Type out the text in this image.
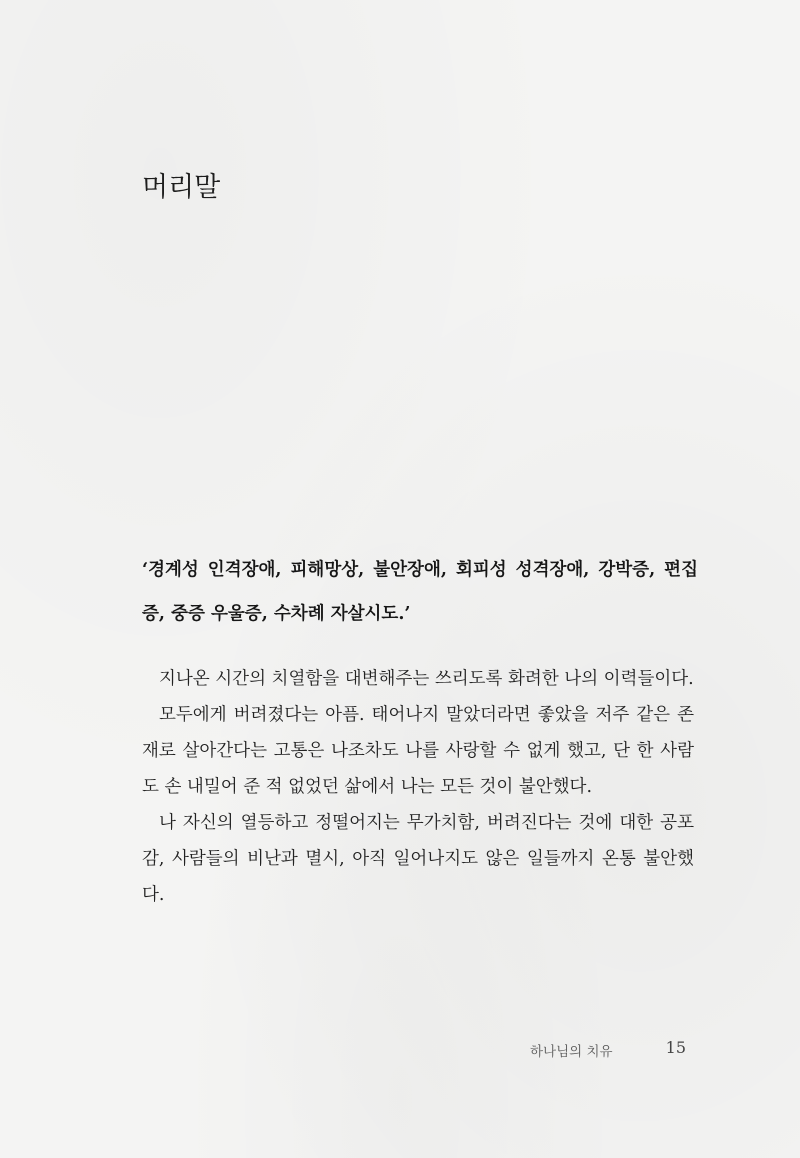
머리말

‘경계성 인격장애, 피해망상, 불안장애, 회피성 성격장애, 강박증, 편집증, 중증 우울증, 수차례 자살시도.’

지나온 시간의 치열함을 대변해주는 쓰리도록 화려한 나의 이력들이다.

모두에게 버려졌다는 아픔. 태어나지 말았더라면 좋았을 저주 같은 존재로 살아간다는 고통은 나조차도 나를 사랑할 수 없게 했고, 단 한 사람도 손 내밀어 준 적 없었던 삶에서 나는 모든 것이 불안했다.

나 자신의 열등하고 정떨어지는 무가치함, 버려진다는 것에 대한 공포감, 사람들의 비난과 멸시, 아직 일어나지도 않은 일들까지 온통 불안했다.

하나님의 치유	15
